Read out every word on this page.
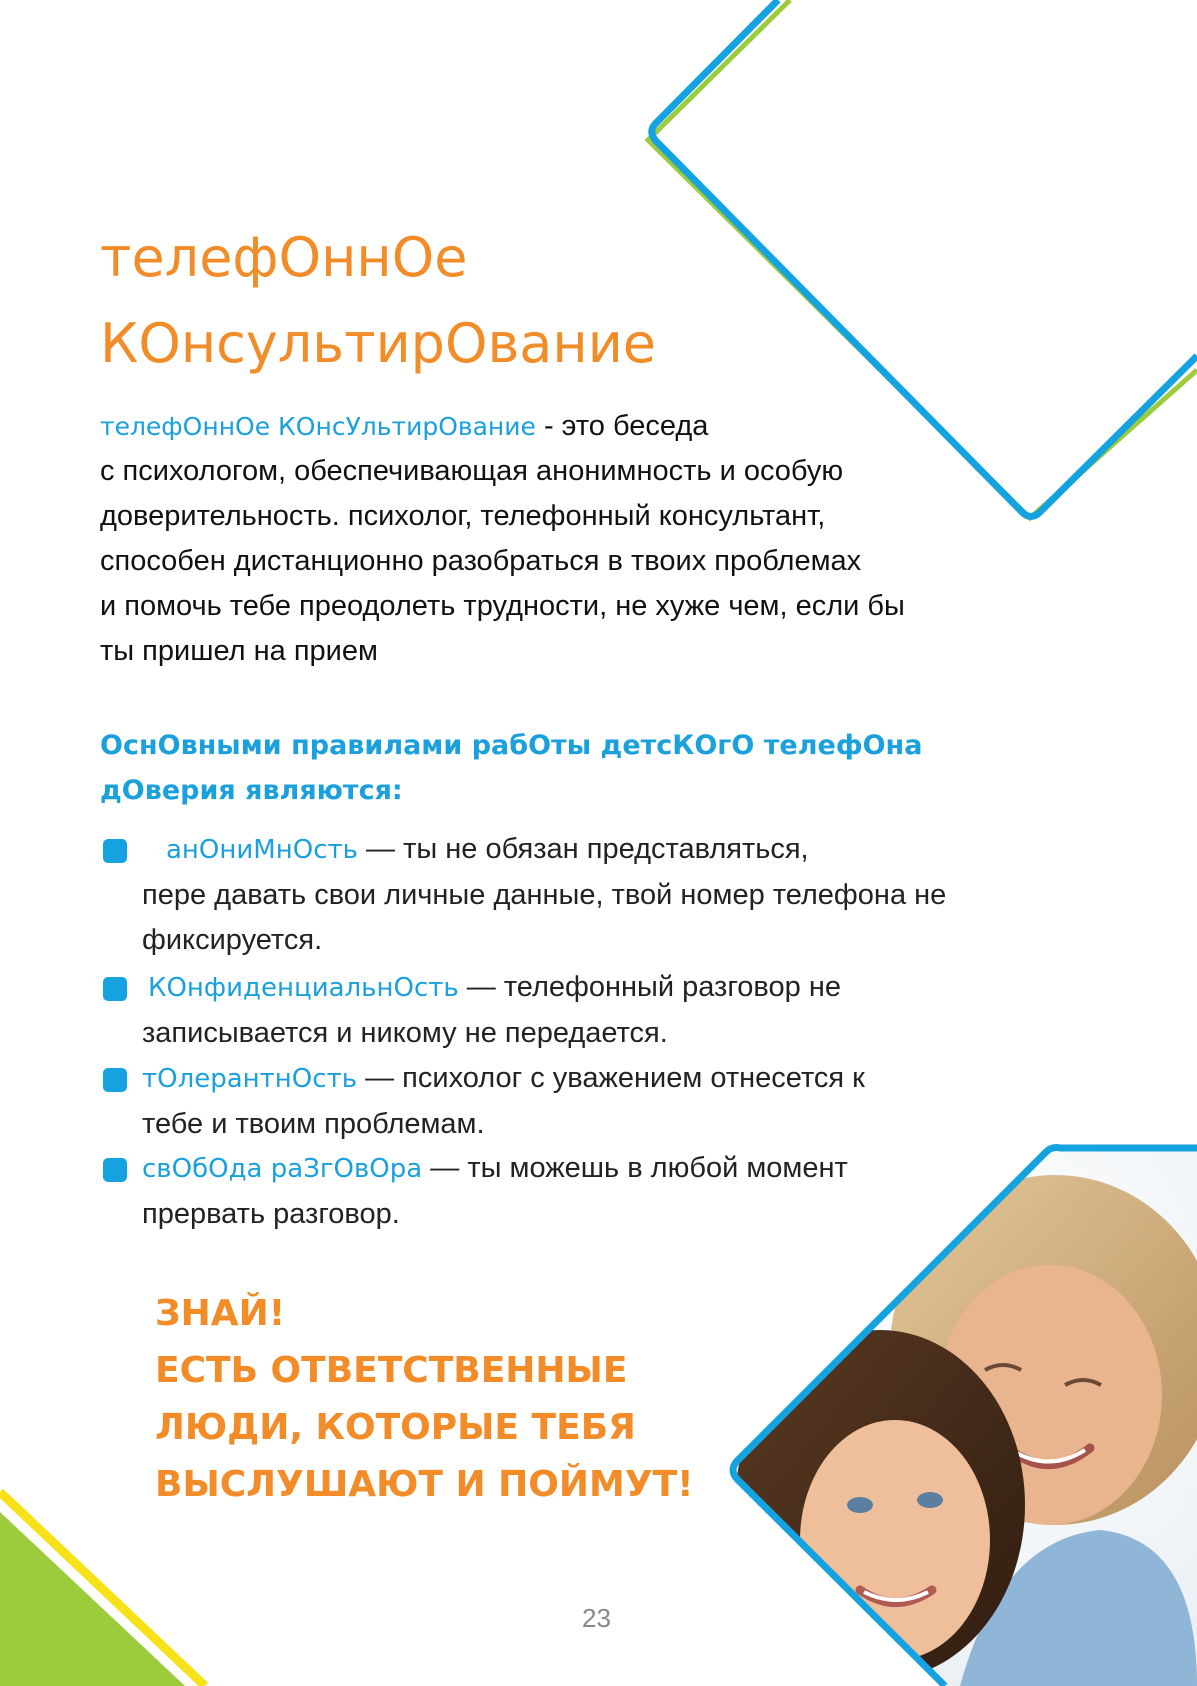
телефОннОе
КОнсультирОвание

телефОннОе КОнсУльтирОвание - это беседа
с психологом, обеспечивающая анонимность и особую
доверительность. психолог, телефонный консультант,
способен дистанционно разобраться в твоих проблемах
и помочь тебе преодолеть трудности, не хуже чем, если бы
ты пришел на прием

ОснОвными правилами рабОты детсКОгО телефОна
дОверия являются:
анОниМнОсть — ты не обязан представляться,
пере давать свои личные данные, твой номер телефона не
фиксируется.
КОнфиденциальнОсть — телефонный разговор не
записывается и никому не передается.
тОлерантнОсть — психолог с уважением отнесется к
тебе и твоим проблемам.
свОбОда раЗгОвОра — ты можешь в любой момент
прервать разговор.

ЗНАЙ!
ЕСТЬ ОТВЕТСТВЕННЫЕ
ЛЮДИ, КОТОРЫЕ ТЕБЯ
ВЫСЛУШАЮТ И ПОЙМУТ!

23
